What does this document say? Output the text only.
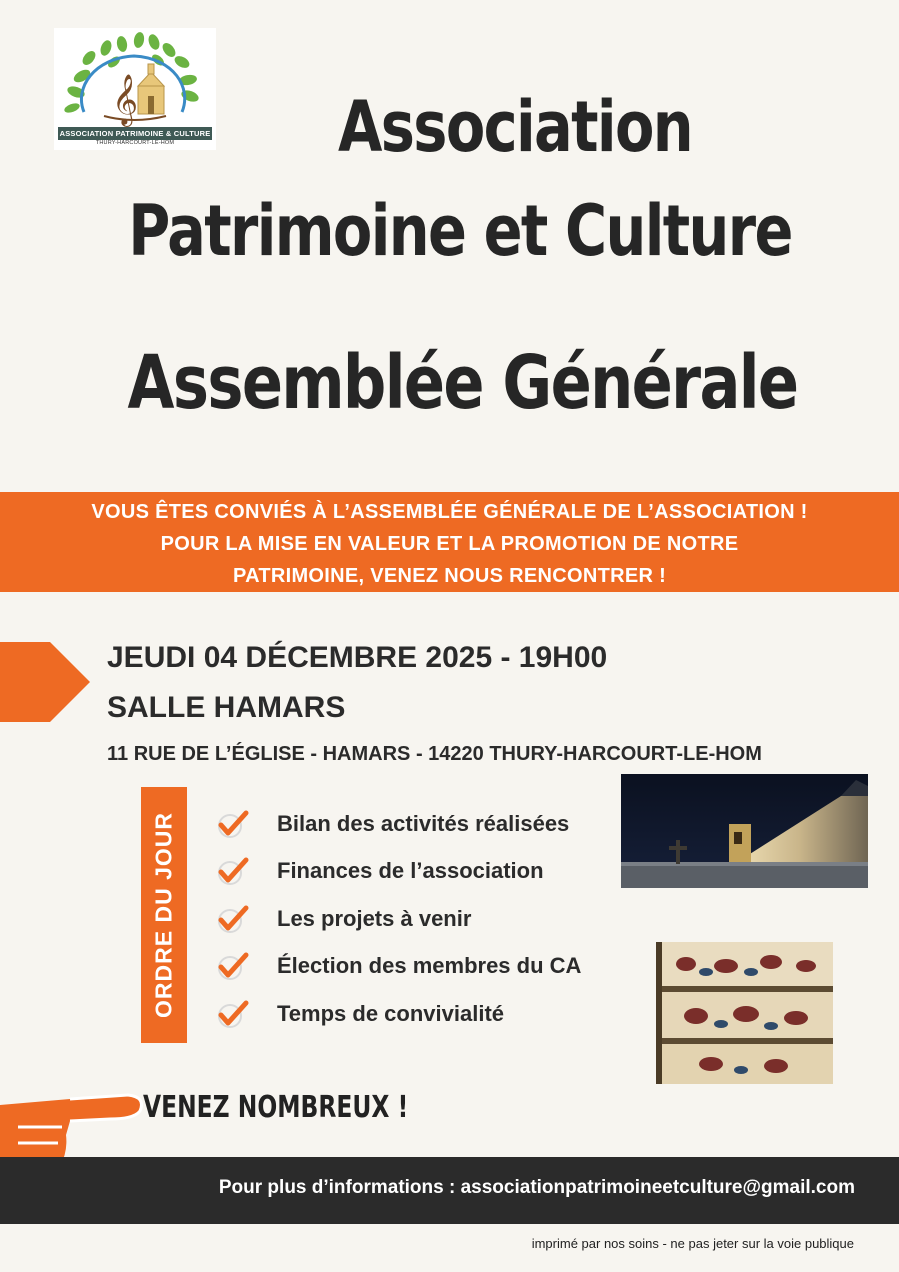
𝄞
ASSOCIATION PATRIMOINE & CULTURE
THURY-HARCOURT-LE-HOM	Association
Patrimoine et Culture
Assemblée Générale
VOUS ÊTES CONVIÉS À L’ASSEMBLÉE GÉNÉRALE DE L’ASSOCIATION !
POUR LA MISE EN VALEUR ET LA PROMOTION DE NOTRE
PATRIMOINE, VENEZ NOUS RENCONTRER !
JEUDI 04 DÉCEMBRE 2025 - 19H00
SALLE HAMARS
11 RUE DE L’ÉGLISE - HAMARS - 14220 THURY-HARCOURT-LE-HOM
ORDRE DU JOUR	Bilan des activités réalisées
Finances de l’association
Les projets à venir
Élection des membres du CA
Temps de convivialité
VENEZ NOMBREUX !
Pour plus d’informations : associationpatrimoineetculture@gmail.com
imprimé par nos soins - ne pas jeter sur la voie publique
